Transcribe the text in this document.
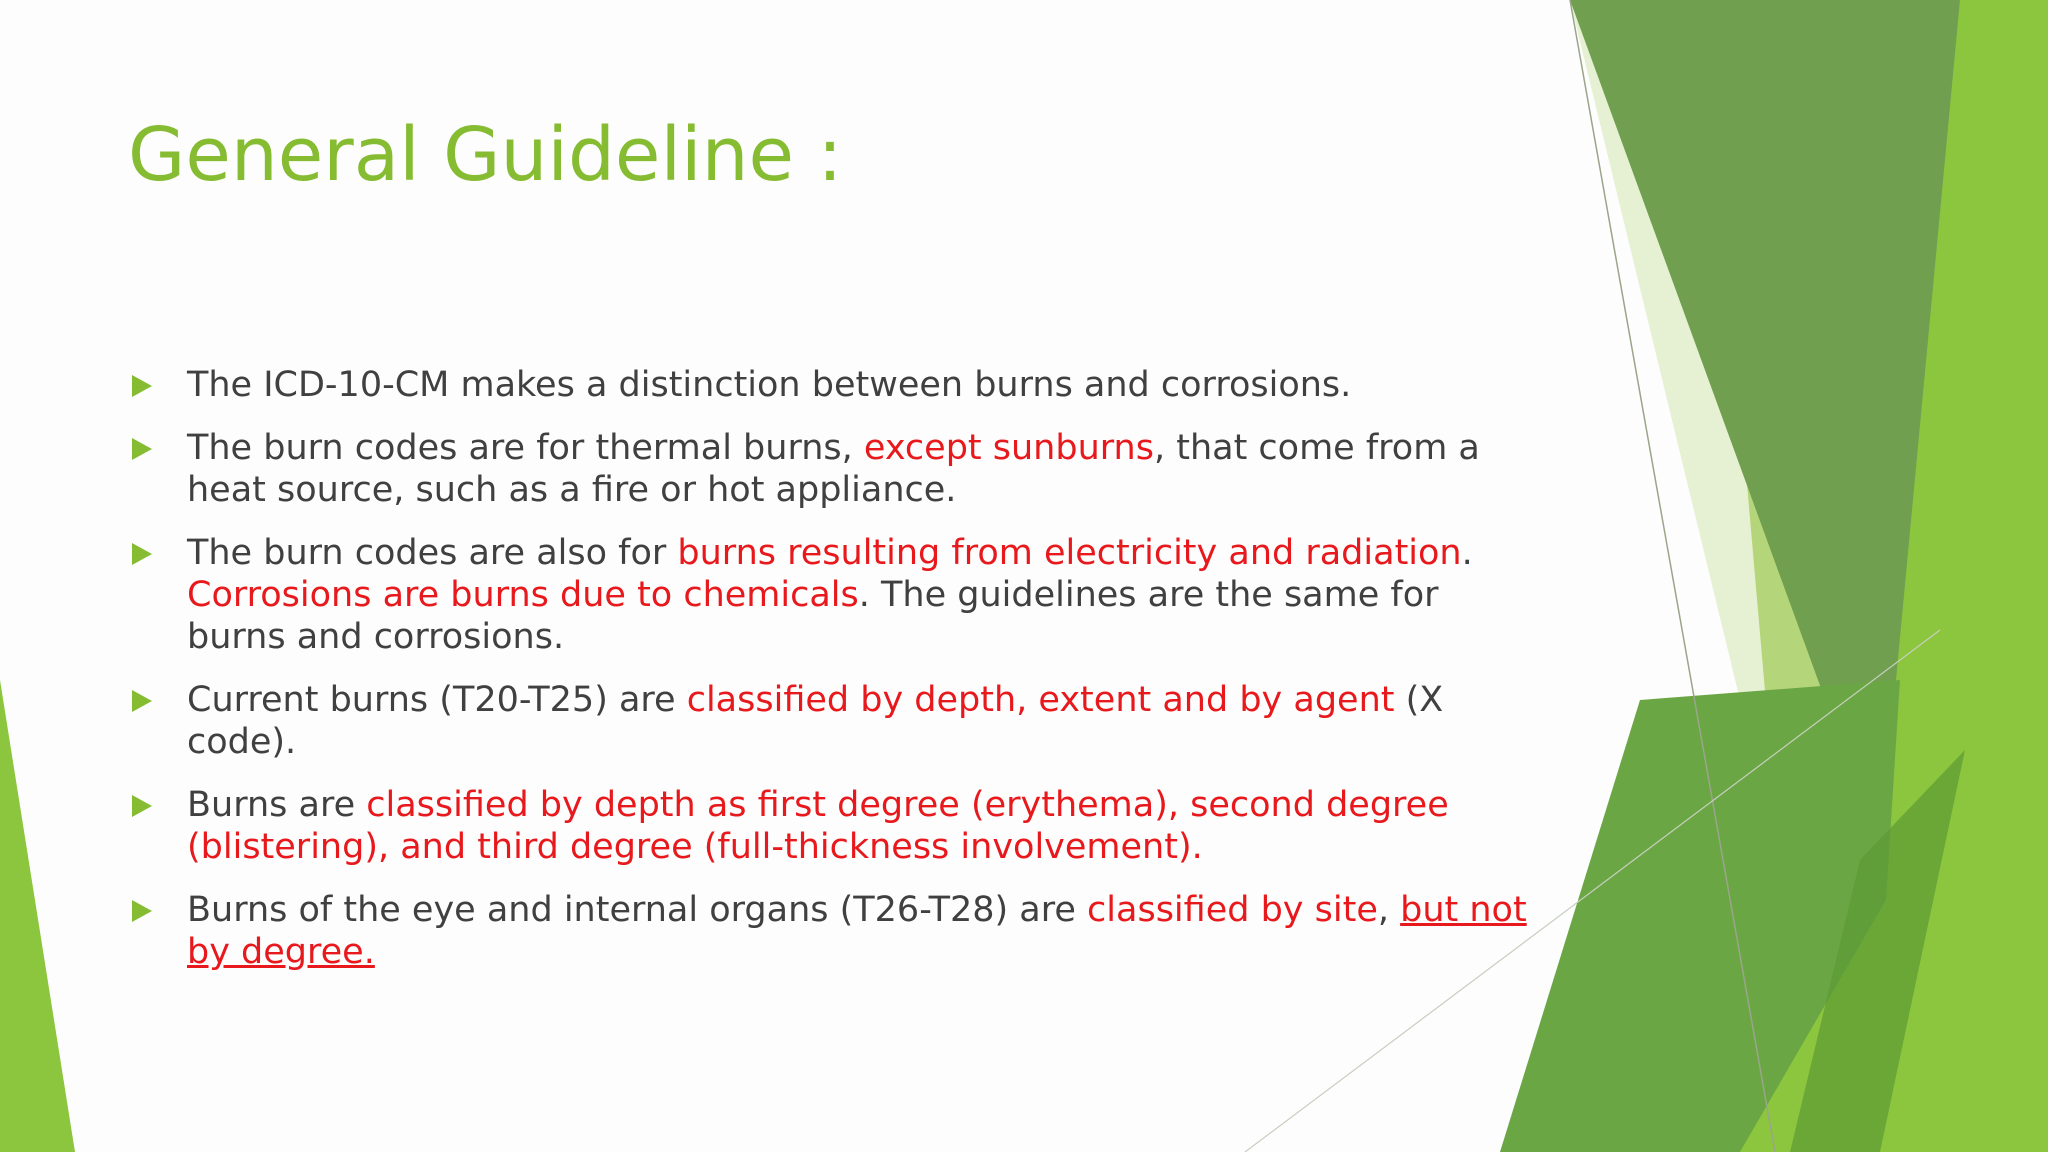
General Guideline :
The ICD-10-CM makes a distinction between burns and corrosions.
The burn codes are for thermal burns, except sunburns, that come from a heat source, such as a fire or hot appliance.
The burn codes are also for burns resulting from electricity and radiation. Corrosions are burns due to chemicals. The guidelines are the same for burns and corrosions.
Current burns (T20-T25) are classified by depth, extent and by agent (X code).
Burns are classified by depth as first degree (erythema), second degree (blistering), and third degree (full-thickness involvement).
Burns of the eye and internal organs (T26-T28) are classified by site, but not by degree.
